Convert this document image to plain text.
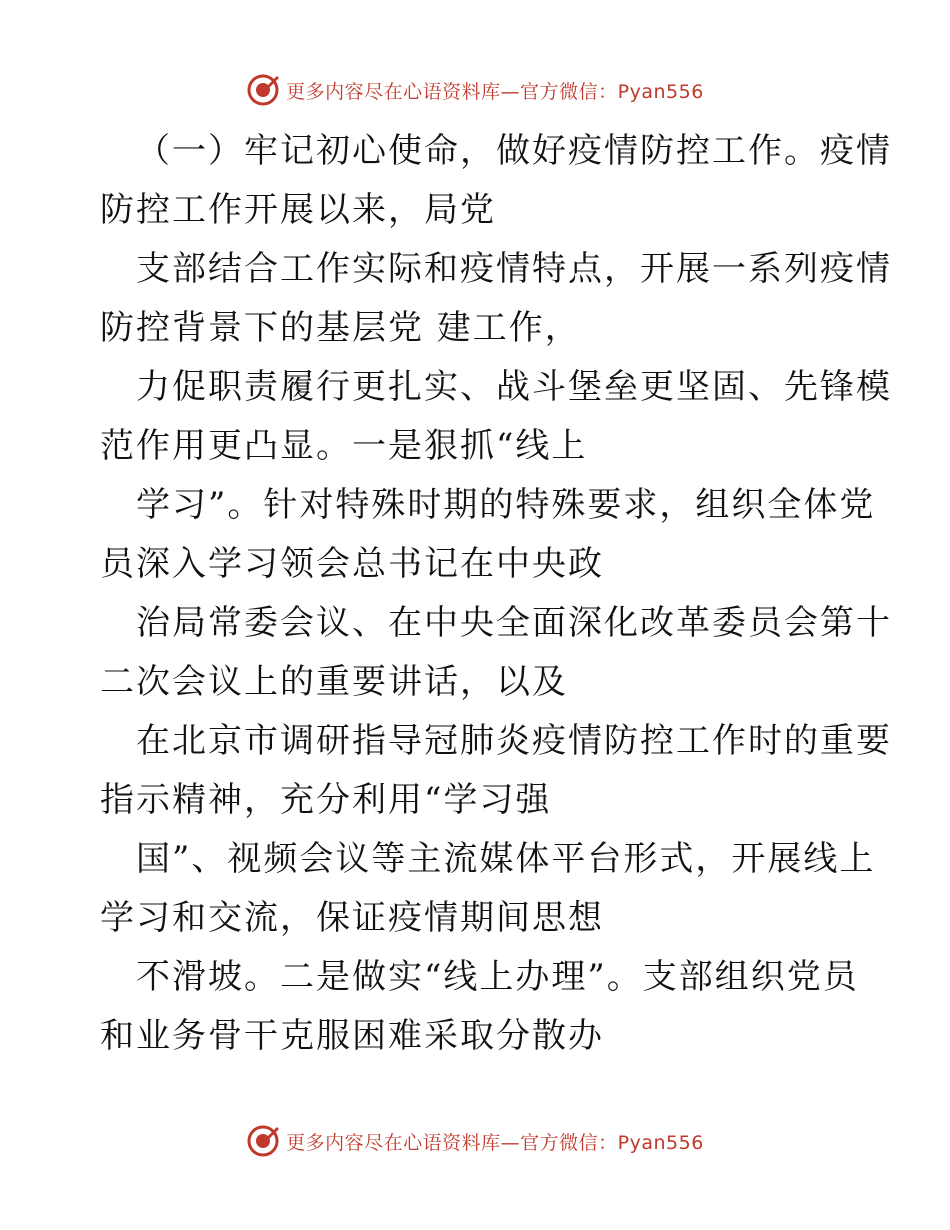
更多内容尽在心语资料库—官方微信：Pyan556

（一）牢记初心使命，做好疫情防控工作。疫情

防控工作开展以来，局党

支部结合工作实际和疫情特点，开展一系列疫情

防控背景下的基层党 建工作，

力促职责履行更扎实、战斗堡垒更坚固、先锋模

范作用更凸显。一是狠抓“线上

学习”。针对特殊时期的特殊要求，组织全体党

员深入学习领会总书记在中央政

治局常委会议、在中央全面深化改革委员会第十

二次会议上的重要讲话，以及

在北京市调研指导冠肺炎疫情防控工作时的重要

指示精神，充分利用“学习强

国”、视频会议等主流媒体平台形式，开展线上

学习和交流，保证疫情期间思想

不滑坡。二是做实“线上办理”。支部组织党员

和业务骨干克服困难采取分散办

更多内容尽在心语资料库—官方微信：Pyan556
